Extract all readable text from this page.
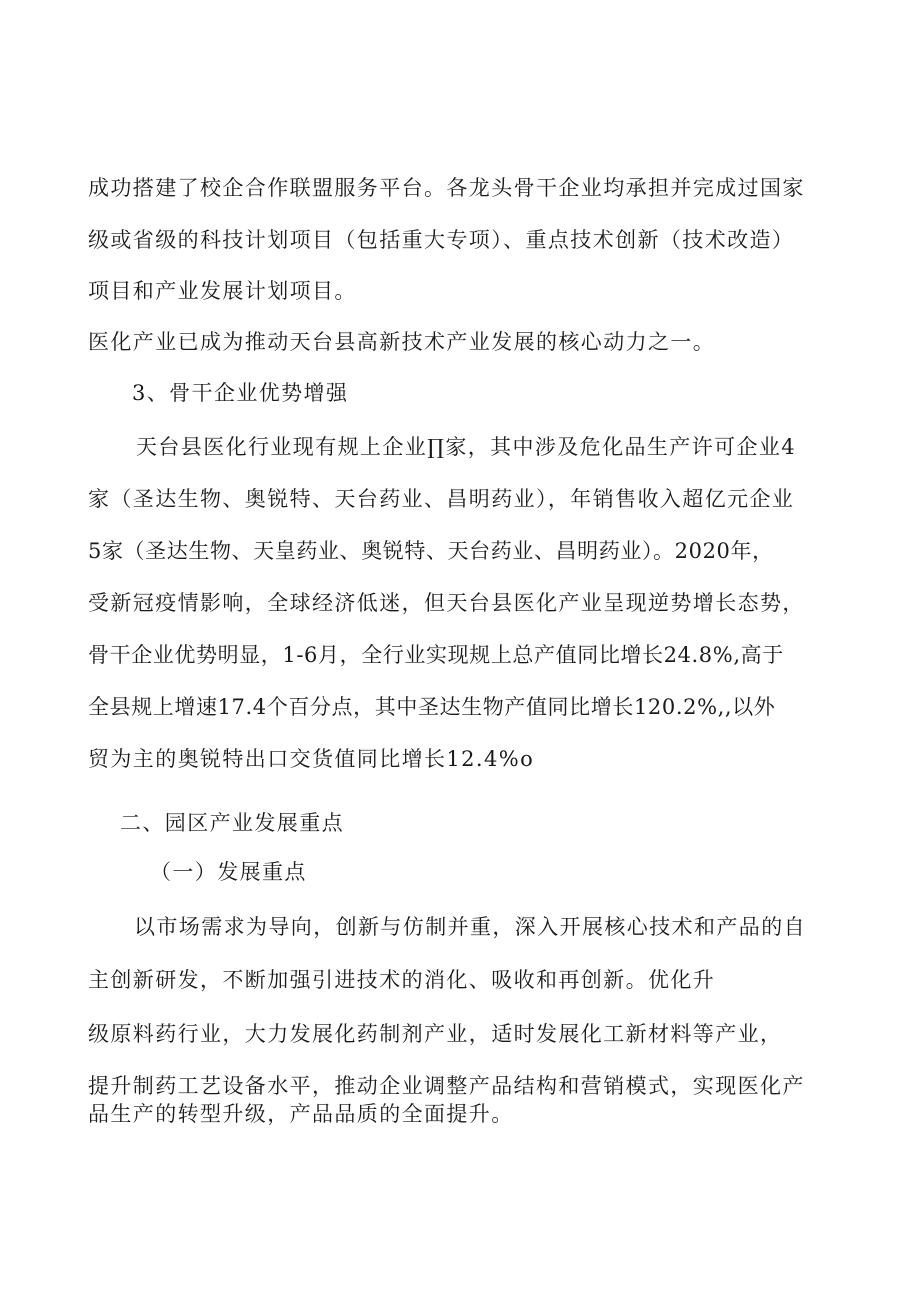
成功搭建了校企合作联盟服务平台。各龙头骨干企业均承担并完成过国家
级或省级的科技计划项目（包括重大专项）、重点技术创新（技术改造）
项目和产业发展计划项目。
医化产业已成为推动天台县高新技术产业发展的核心动力之一。
3、骨干企业优势增强
天台县医化行业现有规上企业∏家，其中涉及危化品生产许可企业4
家（圣达生物、奥锐特、天台药业、昌明药业），年销售收入超亿元企业
5家（圣达生物、天皇药业、奥锐特、天台药业、昌明药业）。2020年，
受新冠疫情影响，全球经济低迷，但天台县医化产业呈现逆势增长态势，
骨干企业优势明显，1-6月，全行业实现规上总产值同比增长24.8%,高于
全县规上增速17.4个百分点，其中圣达生物产值同比增长120.2%,,以外
贸为主的奥锐特出口交货值同比增长12.4%o
二、园区产业发展重点
（一）发展重点
以市场需求为导向，创新与仿制并重，深入开展核心技术和产品的自
主创新研发，不断加强引进技术的消化、吸收和再创新。优化升
级原料药行业，大力发展化药制剂产业，适时发展化工新材料等产业，
提升制药工艺设备水平，推动企业调整产品结构和营销模式，实现医化产
品生产的转型升级，产品品质的全面提升。
